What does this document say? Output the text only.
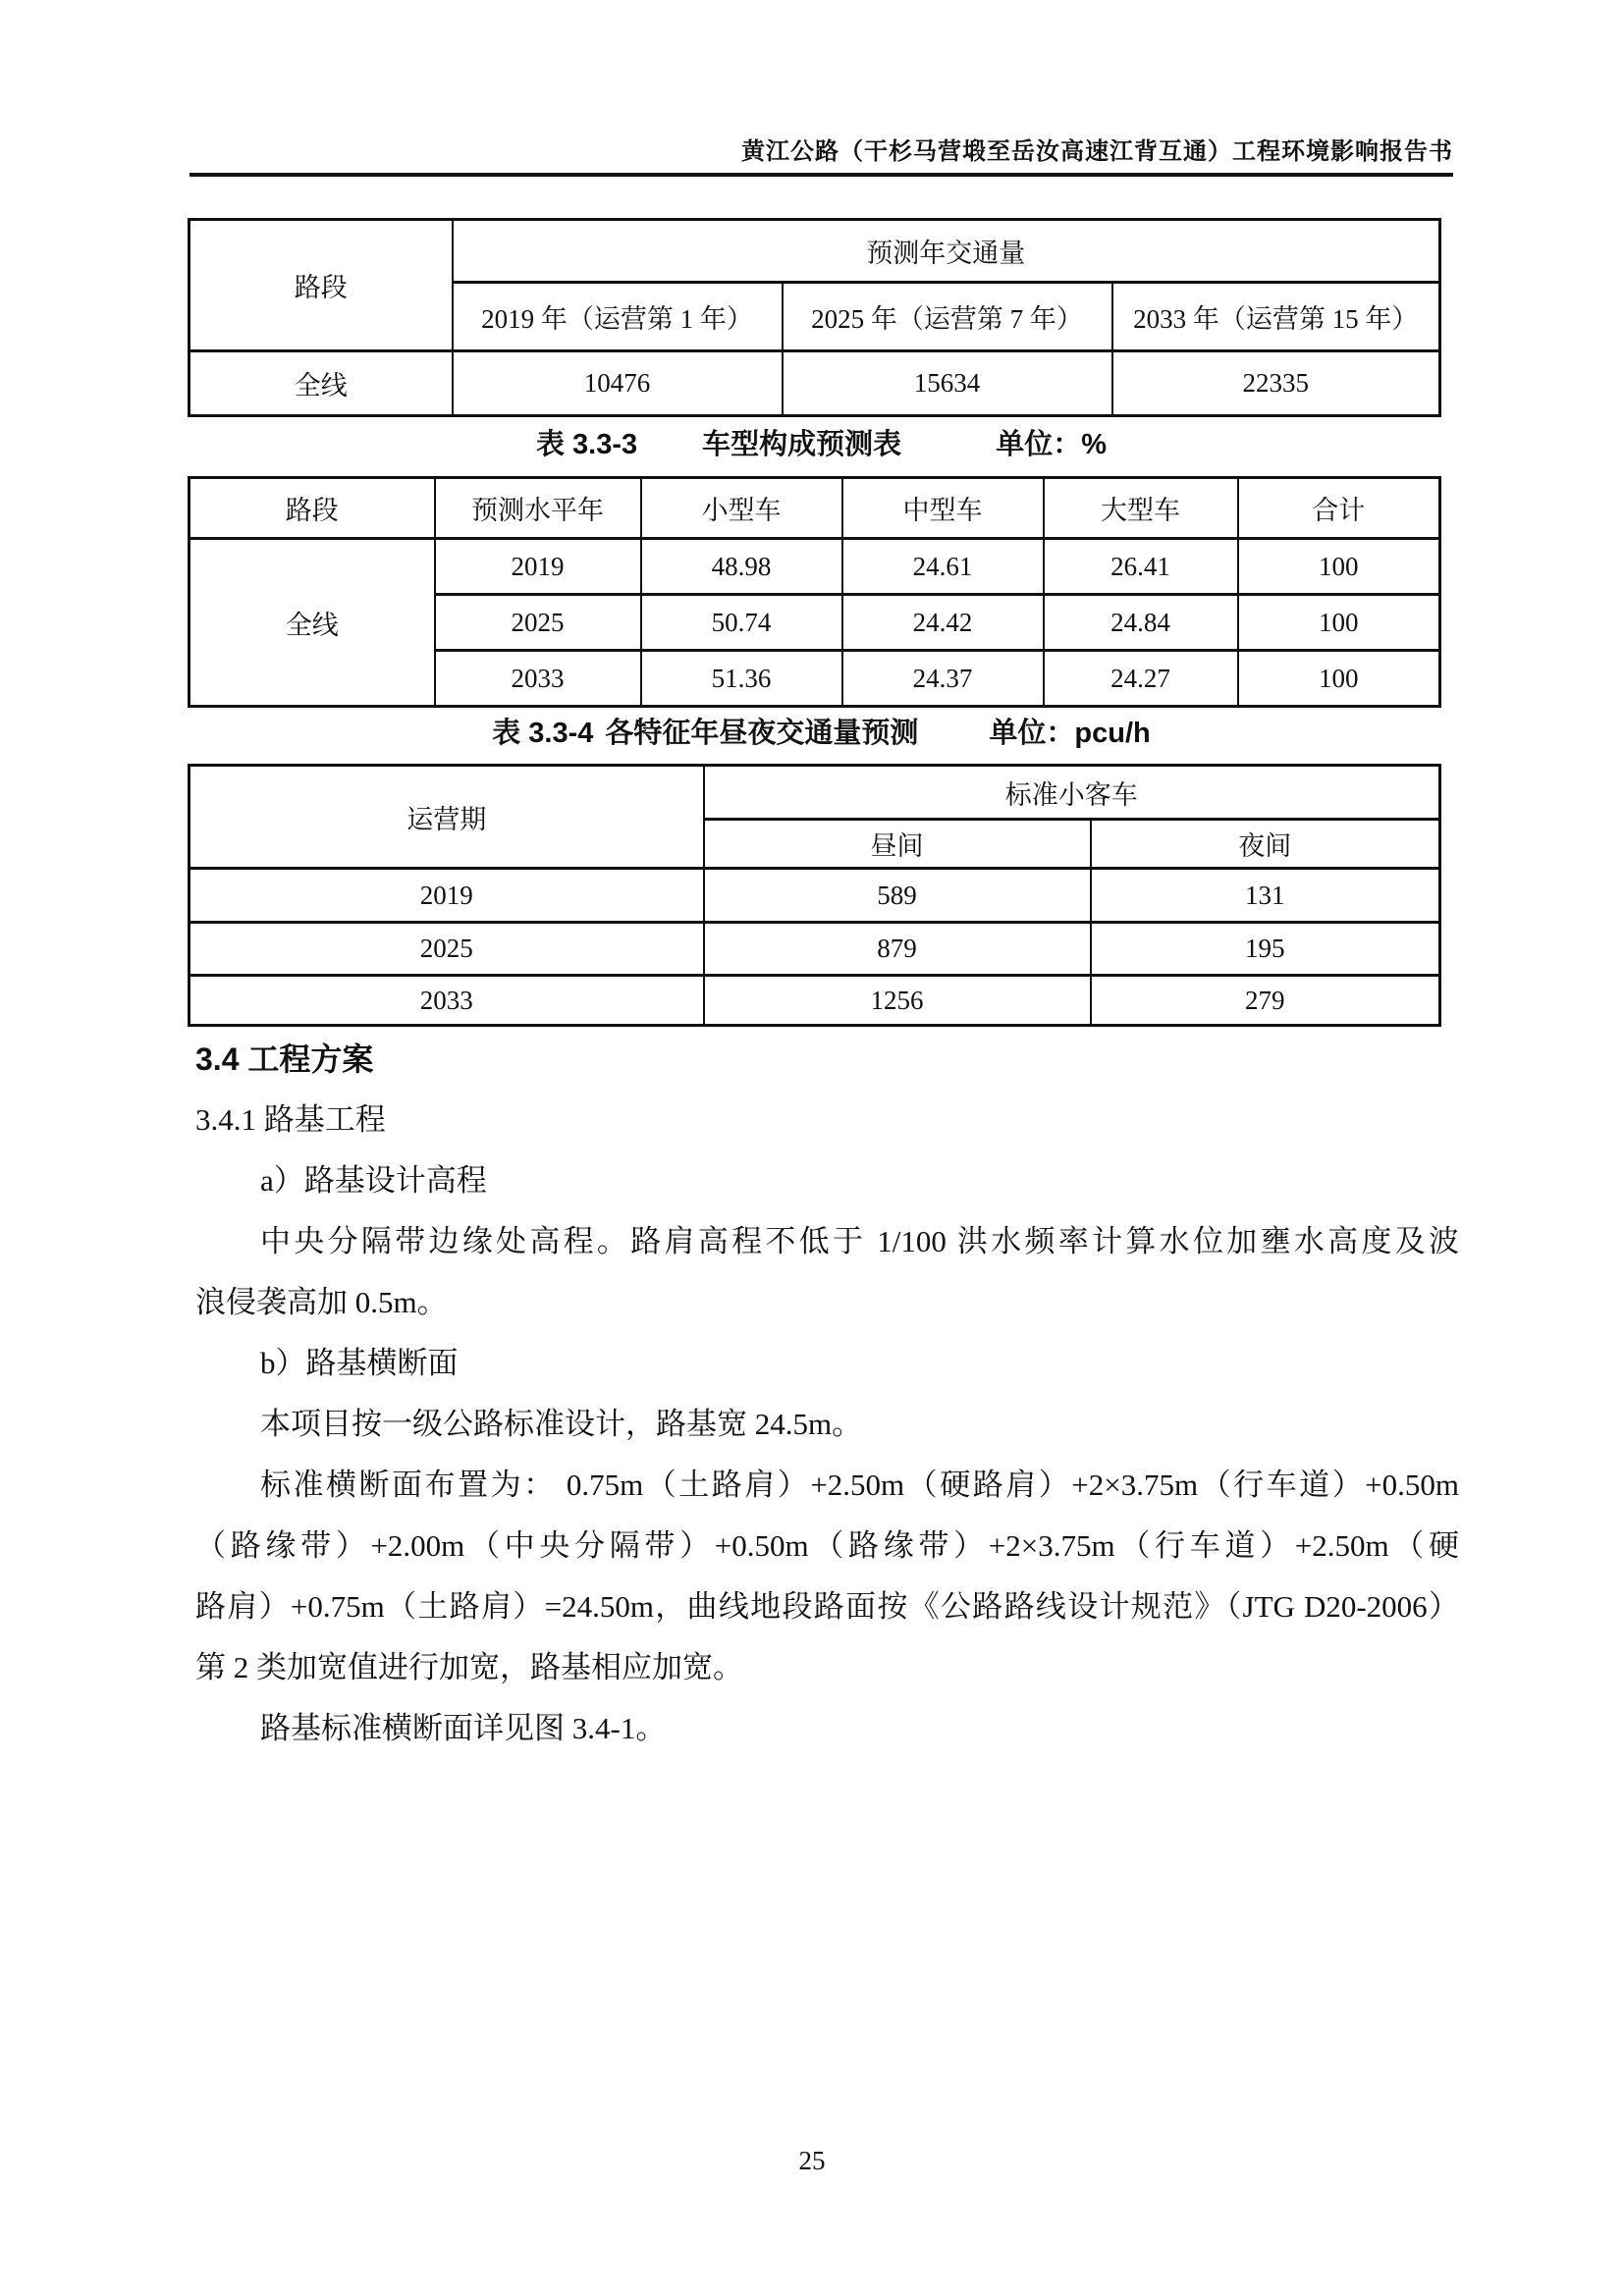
黄江公路（干杉马营塅至岳汝高速江背互通）工程环境影响报告书
路段	预测年交通量		
	2019 年（运营第 1 年）	2025 年（运营第 7 年）	2033 年（运营第 15 年）
全线	10476	15634	22335
表 3.3-3 车型构成预测表	单位：%
路段	预测水平年	小型车	中型车	大型车	合计
全线	2019	48.98	24.61	26.41	100
	2025	50.74	24.42	24.84	100
	2033	51.36	24.37	24.27	100
表 3.3-4 各特征年昼夜交通量预测 单位：pcu/h
运营期	标准小客车	
	昼间	夜间
2019	589	131
2025	879	195
2033	1256	279
3.4 工程方案
3.4.1 路基工程
a）路基设计高程
中央分隔带边缘处高程。路肩高程不低于 1/100 洪水频率计算水位加壅水高度及波
浪侵袭高加 0.5m。
b）路基横断面
本项目按一级公路标准设计，路基宽 24.5m。
标准横断面布置为： 0.75m（土路肩）+2.50m（硬路肩）+2×3.75m（行车道）+0.50m
（路缘带）+2.00m（中央分隔带）+0.50m（路缘带）+2×3.75m（行车道）+2.50m（硬
路肩）+0.75m（土路肩）=24.50m，曲线地段路面按《公路路线设计规范》（JTG D20-2006）
第 2 类加宽值进行加宽，路基相应加宽。
路基标准横断面详见图 3.4-1。
25
